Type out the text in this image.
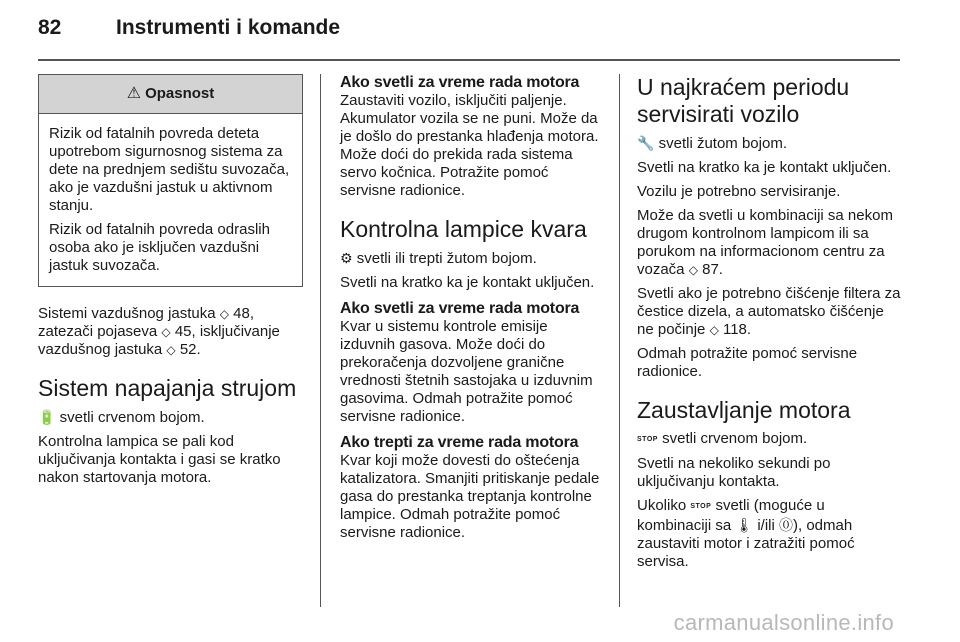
82	Instrumenti i komande
⚠ Opasnost

Rizik od fatalnih povreda deteta upotrebom sigurnosnog sistema za dete na prednjem sedištu suvozača, ako je vazdušni jastuk u aktivnom stanju.

Rizik od fatalnih povreda odraslih osoba ako je isključen vazdušni jastuk suvozača.

Sistemi vazdušnog jastuka ◇ 48, zatezači pojaseva ◇ 45, isključivanje vazdušnog jastuka ◇ 52.

Sistem napajanja strujom

🔋 svetli crvenom bojom.

Kontrolna lampica se pali kod uključivanja kontakta i gasi se kratko nakon startovanja motora.

Ako svetli za vreme rada motora

Zaustaviti vozilo, isključiti paljenje. Akumulator vozila se ne puni. Može da je došlo do prestanka hlađenja motora. Može doći do prekida rada sistema servo kočnica. Potražite pomoć servisne radionice.

Kontrolna lampice kvara

⚙ svetli ili trepti žutom bojom.

Svetli na kratko ka je kontakt uključen.

Ako svetli za vreme rada motora

Kvar u sistemu kontrole emisije izduvnih gasova. Može doći do prekoračenja dozvoljene granične vrednosti štetnih sastojaka u izduvnim gasovima. Odmah potražite pomoć servisne radionice.

Ako trepti za vreme rada motora

Kvar koji može dovesti do oštećenja katalizatora. Smanjiti pritiskanje pedale gasa do prestanka treptanja kontrolne lampice. Odmah potražite pomoć servisne radionice.

U najkraćem periodu servisirati vozilo

🔧 svetli žutom bojom.

Svetli na kratko ka je kontakt uključen.

Vozilu je potrebno servisiranje.

Može da svetli u kombinaciji sa nekom drugom kontrolnom lampicom ili sa porukom na informacionom centru za vozača ◇ 87.

Svetli ako je potrebno čišćenje filtera za čestice dizela, a automatsko čišćenje ne počinje ◇ 118.

Odmah potražite pomoć servisne radionice.

Zaustavljanje motora

STOP svetli crvenom bojom.

Svetli na nekoliko sekundi po uključivanju kontakta.

Ukoliko STOP svetli (moguće u kombinaciji sa 🌡 i/ili ⓪), odmah zaustaviti motor i zatražiti pomoć servisa.

carmanualsonline.info
